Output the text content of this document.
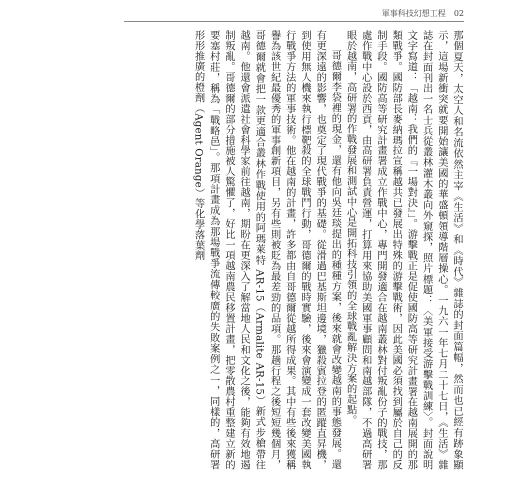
軍事科技幻想工程 02

那個夏天，太空人和名流依然主宰《生活》和《時代》雜誌的封面篇幅，然而也已經有跡象顯示，這場新衝突就要開始讓美國的華盛頓領導階層操心。一九六一年七月二十七日，《生活》雜誌在封面刊出一名士兵從叢林灌木叢向外窺探，照片標題：〈美軍接受游擊戰訓練〉。封面說明文字寫道：「越南：我們的『一場對決』」。游擊戰正是促使國防高等研究計畫署在越南展開的那類戰爭。國防部長麥納瑪拉宣稱越共已發展出特殊的游擊戰術，因此美國必須找到屬於自己的反制手段。國防高等研究計畫署成立作戰中心，專門開發適合在越南叢林對付叛亂份子的戰技，那處作戰中心設於西貢，由高研署負責營運，打算用來協助美國軍事顧問和南越部隊，不過高研署眼於越南，高研署的作戰發展和測試中心是開拓科技引領的全球戰亂解決方案的起點。

哥德爾李袋裡的現金，還有他向吳廷琰提出的種種方案，後來就會改變越南的事態發展。還有更深遠的影響，也奠定了現代戰爭的基礎。從滑過巴基斯坦邊境，獵殺賓拉登的匿蹤直昇機，到使用無人機來執行標靶殺的全球戰鬥行動，哥德爾的戰時實驗，後來會演變成一套改變美國執行戰爭方法的軍事技術。他在越南的計畫，許多都由自哥德爾從越所得成果。其中有些後來獲稱譽為該世紀最優秀的軍事創新項目，另有些則被貶為最差勁的品項。那趟行程之後短短幾個月，哥德爾就會把一款更適合叢林作戰使用的阿瑪萊特 AR-15（Armalite AR-15）新式步槍帶往越南。他還會派遣社會科學家前往越南，期盼在更深入了解當地人民和文化之後，能夠有效地遏制叛亂。哥德爾的部分措施被人驚懼了，好比一項越南農民移置計畫，把零散農村重整建立新的要塞村莊，稱為「戰略邑」。那項計畫成為那場戰爭流傳較廣的失敗案例之一，同樣的，高研署形形推廣的橙劑（Agent Orange）等化學落葉劑
